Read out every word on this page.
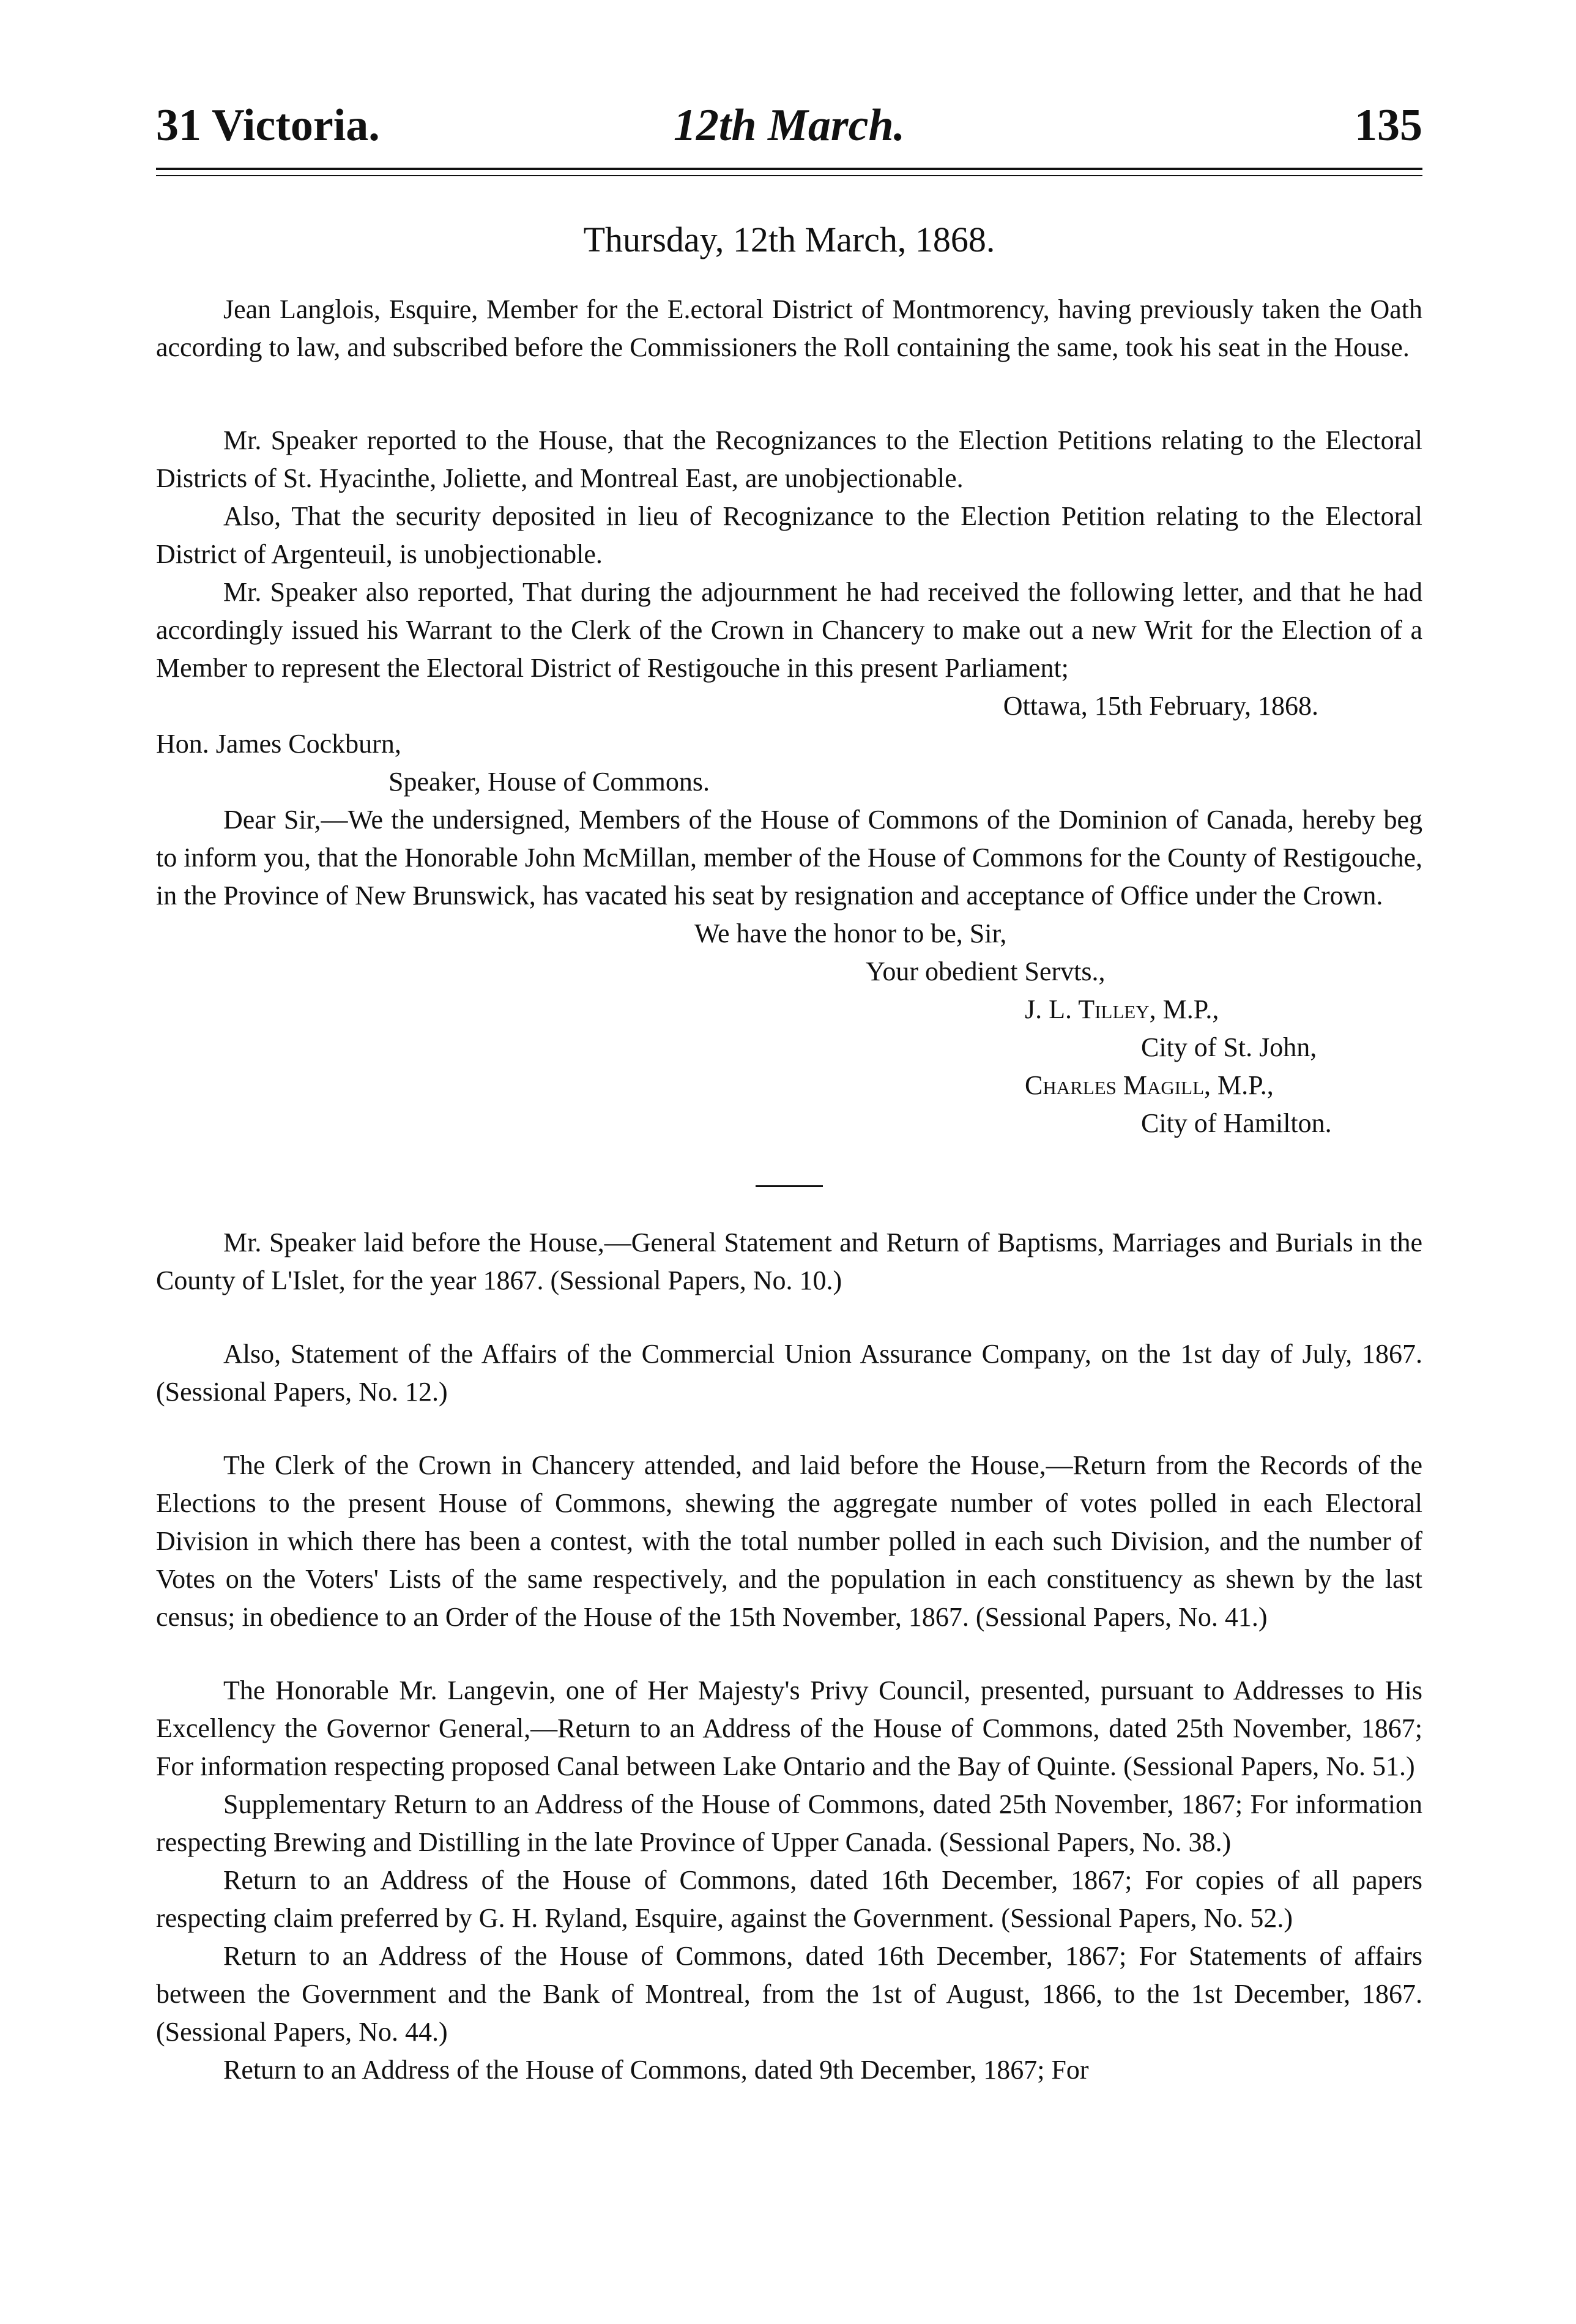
31 Victoria.	12th March.	135
Thursday, 12th March, 1868.

Jean Langlois, Esquire, Member for the E.ectoral District of Montmorency, having previously taken the Oath according to law, and subscribed before the Commissioners the Roll containing the same, took his seat in the House.

Mr. Speaker reported to the House, that the Recognizances to the Election Petitions relating to the Electoral Districts of St. Hyacinthe, Joliette, and Montreal East, are unobjectionable.

Also, That the security deposited in lieu of Recognizance to the Election Petition relating to the Electoral District of Argenteuil, is unobjectionable.

Mr. Speaker also reported, That during the adjournment he had received the following letter, and that he had accordingly issued his Warrant to the Clerk of the Crown in Chancery to make out a new Writ for the Election of a Member to represent the Electoral District of Restigouche in this present Parliament;

Ottawa, 15th February, 1868.

Hon. James Cockburn,

Speaker, House of Commons.

Dear Sir,—We the undersigned, Members of the House of Commons of the Dominion of Canada, hereby beg to inform you, that the Honorable John McMillan, member of the House of Commons for the County of Restigouche, in the Province of New Brunswick, has vacated his seat by resignation and acceptance of Office under the Crown.

We have the honor to be, Sir,

Your obedient Servts.,

J. L. Tilley, M.P.,

City of St. John,

Charles Magill, M.P.,

City of Hamilton.

Mr. Speaker laid before the House,—General Statement and Return of Baptisms, Marriages and Burials in the County of L'Islet, for the year 1867. (Sessional Papers, No. 10.)

Also, Statement of the Affairs of the Commercial Union Assurance Company, on the 1st day of July, 1867. (Sessional Papers, No. 12.)

The Clerk of the Crown in Chancery attended, and laid before the House,—Return from the Records of the Elections to the present House of Commons, shewing the aggregate number of votes polled in each Electoral Division in which there has been a contest, with the total number polled in each such Division, and the number of Votes on the Voters' Lists of the same respectively, and the population in each constituency as shewn by the last census; in obedience to an Order of the House of the 15th November, 1867. (Sessional Papers, No. 41.)

The Honorable Mr. Langevin, one of Her Majesty's Privy Council, presented, pursuant to Addresses to His Excellency the Governor General,—Return to an Address of the House of Commons, dated 25th November, 1867; For information respecting proposed Canal between Lake Ontario and the Bay of Quinte. (Sessional Papers, No. 51.)

Supplementary Return to an Address of the House of Commons, dated 25th November, 1867; For information respecting Brewing and Distilling in the late Province of Upper Canada. (Sessional Papers, No. 38.)

Return to an Address of the House of Commons, dated 16th December, 1867; For copies of all papers respecting claim preferred by G. H. Ryland, Esquire, against the Government. (Sessional Papers, No. 52.)

Return to an Address of the House of Commons, dated 16th December, 1867; For Statements of affairs between the Government and the Bank of Montreal, from the 1st of August, 1866, to the 1st December, 1867. (Sessional Papers, No. 44.)

Return to an Address of the House of Commons, dated 9th December, 1867; For
